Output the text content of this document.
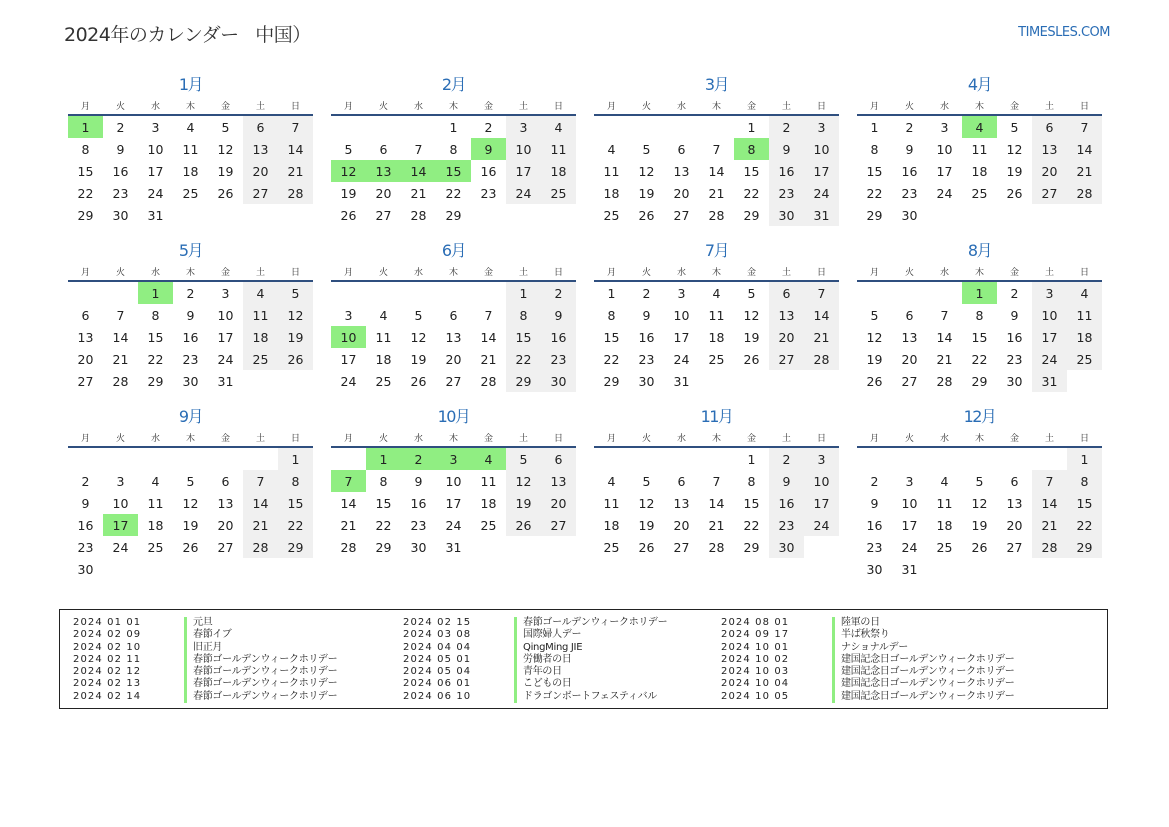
2024年のカレンダー   中国）	TIMESLES.COM
1月
月	火	水	木	金	土	日
1	2	3	4	5	6	7
8	9	10	11	12	13	14
15	16	17	18	19	20	21
22	23	24	25	26	27	28
29	30	31				
2月
月	火	水	木	金	土	日
			1	2	3	4
5	6	7	8	9	10	11
12	13	14	15	16	17	18
19	20	21	22	23	24	25
26	27	28	29			
3月
月	火	水	木	金	土	日
				1	2	3
4	5	6	7	8	9	10
11	12	13	14	15	16	17
18	19	20	21	22	23	24
25	26	27	28	29	30	31
4月
月	火	水	木	金	土	日
1	2	3	4	5	6	7
8	9	10	11	12	13	14
15	16	17	18	19	20	21
22	23	24	25	26	27	28
29	30					
5月
月	火	水	木	金	土	日
		1	2	3	4	5
6	7	8	9	10	11	12
13	14	15	16	17	18	19
20	21	22	23	24	25	26
27	28	29	30	31		
6月
月	火	水	木	金	土	日
					1	2
3	4	5	6	7	8	9
10	11	12	13	14	15	16
17	18	19	20	21	22	23
24	25	26	27	28	29	30
7月
月	火	水	木	金	土	日
1	2	3	4	5	6	7
8	9	10	11	12	13	14
15	16	17	18	19	20	21
22	23	24	25	26	27	28
29	30	31				
8月
月	火	水	木	金	土	日
			1	2	3	4
5	6	7	8	9	10	11
12	13	14	15	16	17	18
19	20	21	22	23	24	25
26	27	28	29	30	31	
9月
月	火	水	木	金	土	日
						1
2	3	4	5	6	7	8
9	10	11	12	13	14	15
16	17	18	19	20	21	22
23	24	25	26	27	28	29
30						
10月
月	火	水	木	金	土	日
	1	2	3	4	5	6
7	8	9	10	11	12	13
14	15	16	17	18	19	20
21	22	23	24	25	26	27
28	29	30	31			
11月
月	火	水	木	金	土	日
				1	2	3
4	5	6	7	8	9	10
11	12	13	14	15	16	17
18	19	20	21	22	23	24
25	26	27	28	29	30	
12月
月	火	水	木	金	土	日
						1
2	3	4	5	6	7	8
9	10	11	12	13	14	15
16	17	18	19	20	21	22
23	24	25	26	27	28	29
30	31					
2024 01 01	元旦
2024 02 09	春節イブ
2024 02 10	旧正月
2024 02 11	春節ゴールデンウィークホリデー
2024 02 12	春節ゴールデンウィークホリデー
2024 02 13	春節ゴールデンウィークホリデー
2024 02 14	春節ゴールデンウィークホリデー
2024 02 15	春節ゴールデンウィークホリデー
2024 03 08	国際婦人デー
2024 04 04	QingMing JIE
2024 05 01	労働者の日
2024 05 04	青年の日
2024 06 01	こどもの日
2024 06 10	ドラゴンボートフェスティバル
2024 08 01	陸軍の日
2024 09 17	半ば秋祭り
2024 10 01	ナショナルデー
2024 10 02	建国記念日ゴールデンウィークホリデー
2024 10 03	建国記念日ゴールデンウィークホリデー
2024 10 04	建国記念日ゴールデンウィークホリデー
2024 10 05	建国記念日ゴールデンウィークホリデー
